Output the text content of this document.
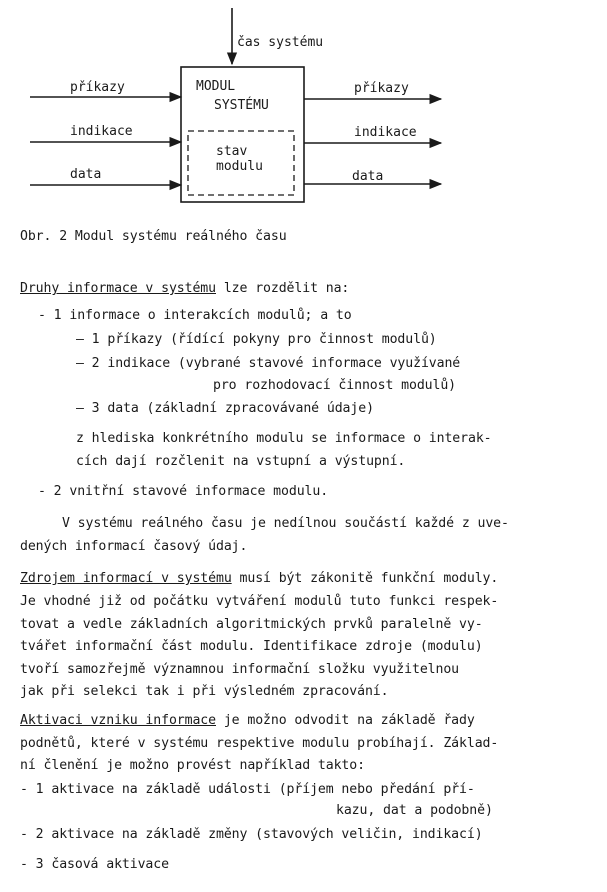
čas systému
MODUL
SYSTÉMU
stav
modulu
příkazy
indikace
data
příkazy
indikace
data
Obr. 2 Modul systému reálného času
Druhy informace v systému lze rozdělit na:
- 1 informace o interakcích modulů; a to
— 1 příkazy (řídící pokyny pro činnost modulů)
— 2 indikace (vybrané stavové informace využívané
pro rozhodovací činnost modulů)
— 3 data (základní zpracovávané údaje)
z hlediska konkrétního modulu se informace o interak-
cích dají rozčlenit na vstupní a výstupní.
- 2 vnitřní stavové informace modulu.
V systému reálného času je nedílnou součástí každé z uve-
dených informací časový údaj.
Zdrojem informací v systému musí být zákonitě funkční moduly.
Je vhodné již od počátku vytváření modulů tuto funkci respek-
tovat a vedle základních algoritmických prvků paralelně vy-
tvářet informační část modulu. Identifikace zdroje (modulu)
tvoří samozřejmě významnou informační složku využitelnou
jak při selekci tak i při výsledném zpracování.
Aktivaci vzniku informace je možno odvodit na základě řady
podnětů, které v systému respektive modulu probíhají. Základ-
ní členění je možno provést například takto:
- 1 aktivace na základě události (příjem nebo předání pří-
kazu, dat a podobně)
- 2 aktivace na základě změny (stavových veličin, indikací)
- 3 časová aktivace
